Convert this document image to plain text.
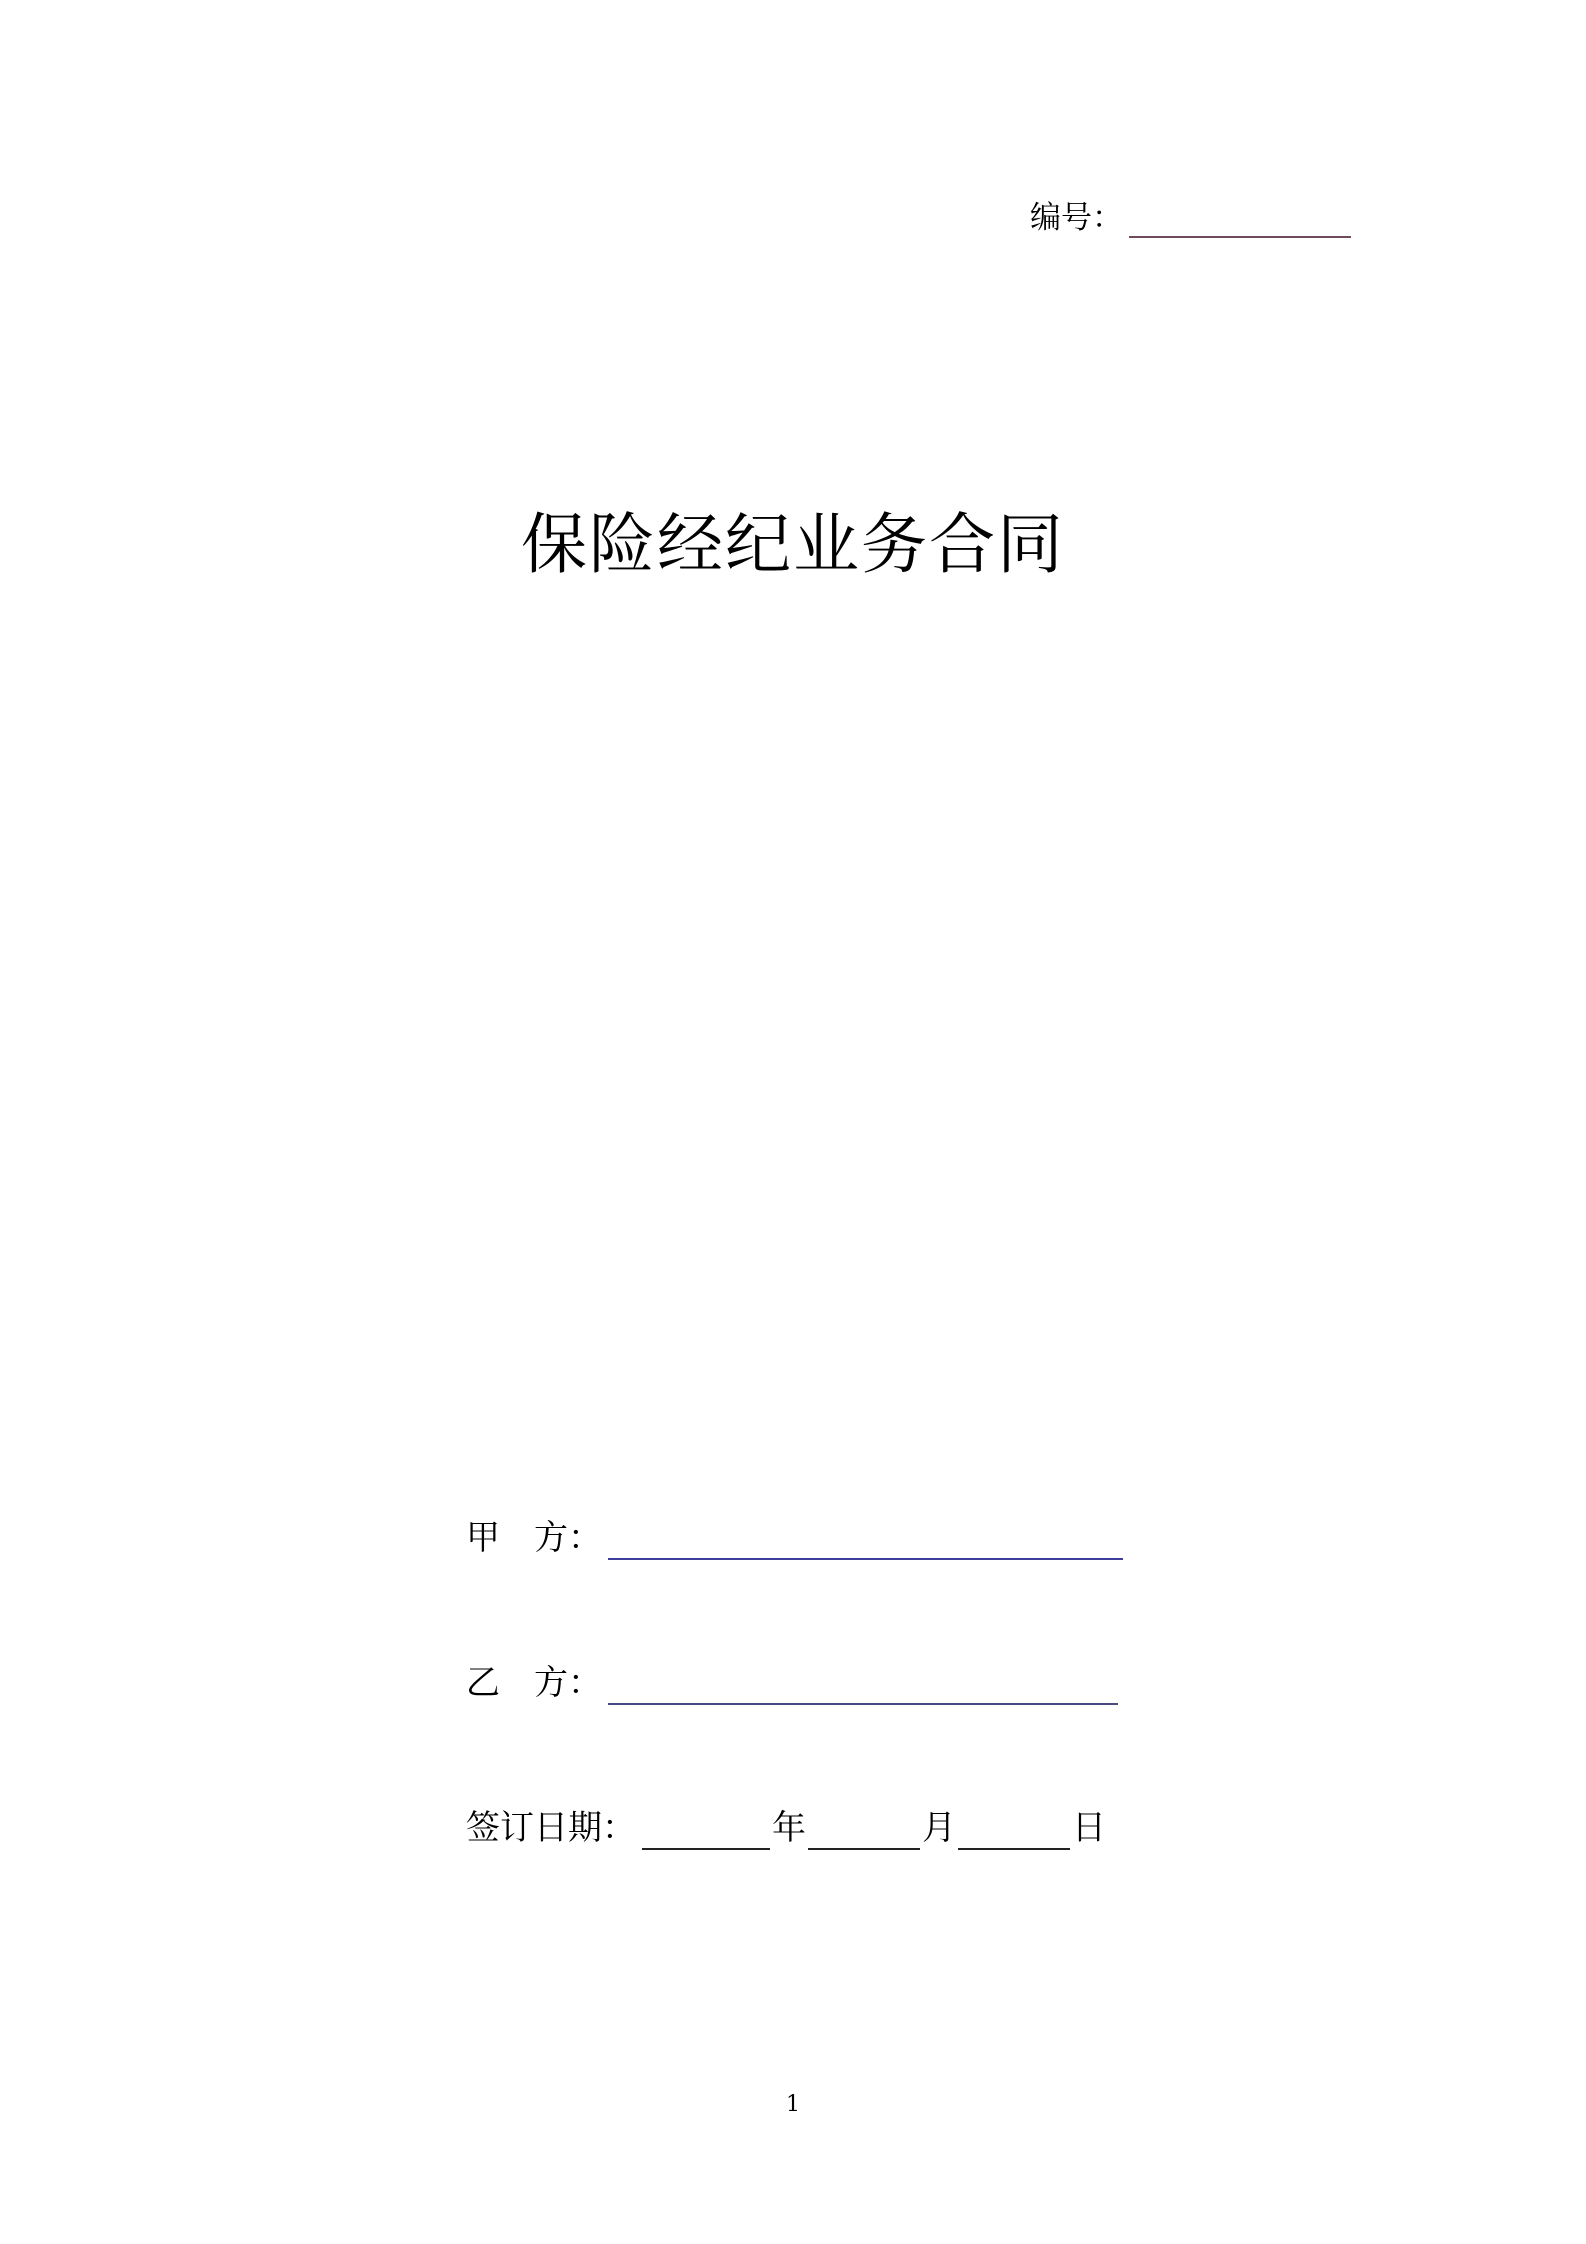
编号：
保险经纪业务合同
甲　方：
乙　方：
签订日期：	年	月	日
1
